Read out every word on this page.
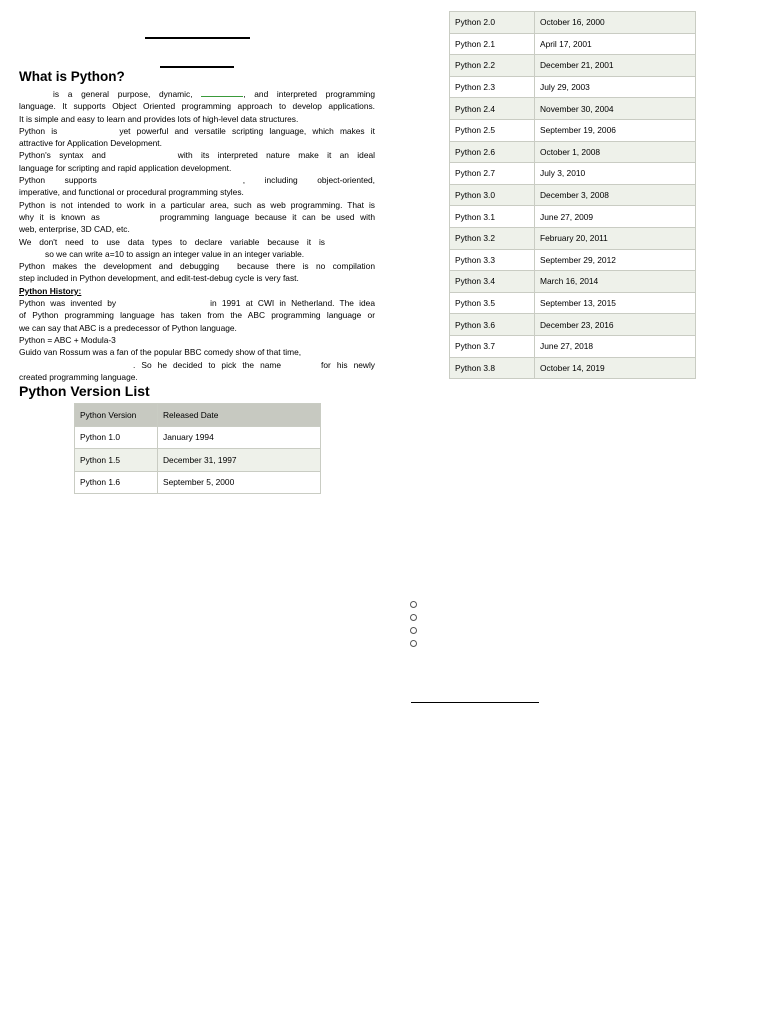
What is Python?
is a general purpose, dynamic,	, and interpreted programming
language. It supports Object Oriented programming approach to develop applications.
It is simple and easy to learn and provides lots of high-level data structures.
Python is	yet powerful and versatile scripting language, which makes it
attractive for Application Development.
Python's syntax and	with its interpreted nature make it an ideal
language for scripting and rapid application development.
Python supports	, including object-oriented,
imperative, and functional or procedural programming styles.
Python is not intended to work in a particular area, such as web programming. That is
why it is known as	programming language because it can be used with
web, enterprise, 3D CAD, etc.
We don't need to use data types to declare variable because it is
so we can write a=10 to assign an integer value in an integer variable.
Python makes the development and debugging because there is no compilation
step included in Python development, and edit-test-debug cycle is very fast.
Python History:
Python was invented by	in 1991 at CWI in Netherland. The idea
of Python programming language has taken from the ABC programming language or
we can say that ABC is a predecessor of Python language.
Python = ABC + Modula-3
Guido van Rossum was a fan of the popular BBC comedy show of that time,
. So he decided to pick the name	for his newly
created programming language.
Python Version List
Python Version	Released Date
Python 1.0	January 1994
Python 1.5	December 31, 1997
Python 1.6	September 5, 2000
Python 2.0	October 16, 2000
Python 2.1	April 17, 2001
Python 2.2	December 21, 2001
Python 2.3	July 29, 2003
Python 2.4	November 30, 2004
Python 2.5	September 19, 2006
Python 2.6	October 1, 2008
Python 2.7	July 3, 2010
Python 3.0	December 3, 2008
Python 3.1	June 27, 2009
Python 3.2	February 20, 2011
Python 3.3	September 29, 2012
Python 3.4	March 16, 2014
Python 3.5	September 13, 2015
Python 3.6	December 23, 2016
Python 3.7	June 27, 2018
Python 3.8	October 14, 2019
